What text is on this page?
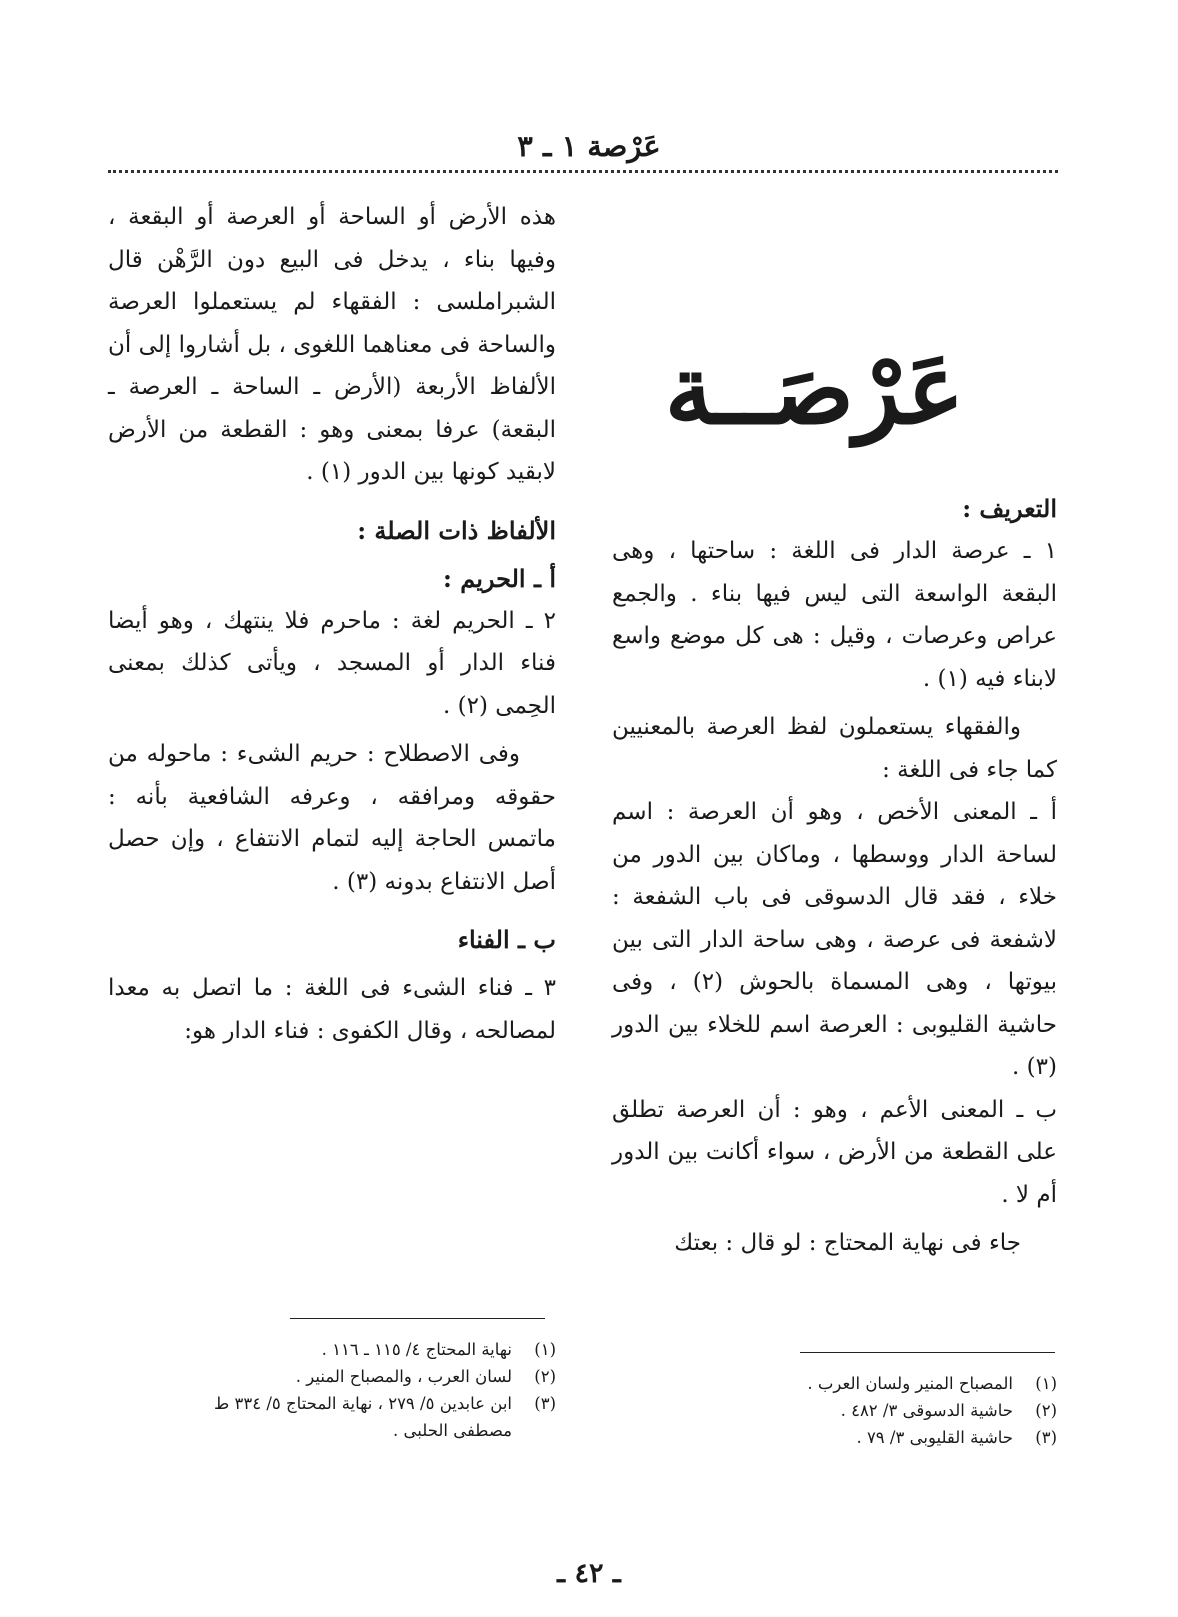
عَرْصة ١ ـ ٣
عَرْصَــة

التعريف :

١ ـ عرصة الدار فى اللغة : ساحتها ، وهى البقعة الواسعة التى ليس فيها بناء . والجمع عراص وعرصات ، وقيل : هى كل موضع واسع لابناء فيه (١) .

والفقهاء يستعملون لفظ العرصة بالمعنيين كما جاء فى اللغة :

أ ـ المعنى الأخص ، وهو أن العرصة : اسم لساحة الدار ووسطها ، وماكان بين الدور من خلاء ، فقد قال الدسوقى فى باب الشفعة : لاشفعة فى عرصة ، وهى ساحة الدار التى بين بيوتها ، وهى المسماة بالحوش (٢) ، وفى حاشية القليوبى : العرصة اسم للخلاء بين الدور (٣) .

ب ـ المعنى الأعم ، وهو : أن العرصة تطلق على القطعة من الأرض ، سواء أكانت بين الدور أم لا .

جاء فى نهاية المحتاج : لو قال : بعتك

هذه الأرض أو الساحة أو العرصة أو البقعة ، وفيها بناء ، يدخل فى البيع دون الرَّهْن قال الشبراملسى : الفقهاء لم يستعملوا العرصة والساحة فى معناهما اللغوى ، بل أشاروا إلى أن الألفاظ الأربعة (الأرض ـ الساحة ـ العرصة ـ البقعة) عرفا بمعنى وهو : القطعة من الأرض لابقيد كونها بين الدور (١) .

الألفاظ ذات الصلة :

أ ـ الحريم :

٢ ـ الحريم لغة : ماحرم فلا ينتهك ، وهو أيضا فناء الدار أو المسجد ، ويأتى كذلك بمعنى الحِمى (٢) .

وفى الاصطلاح : حريم الشىء : ماحوله من حقوقه ومرافقه ، وعرفه الشافعية بأنه : ماتمس الحاجة إليه لتمام الانتفاع ، وإن حصل أصل الانتفاع بدونه (٣) .

ب ـ الفناء

٣ ـ فناء الشىء فى اللغة : ما اتصل به معدا لمصالحه ، وقال الكفوى : فناء الدار هو:

(١)المصباح المنير ولسان العرب .

(٢)حاشية الدسوقى ٣/ ٤٨٢ .

(٣)حاشية القليوبى ٣/ ٧٩ .

(١)نهاية المحتاج ٤/ ١١٥ ـ ١١٦ .

(٢)لسان العرب ، والمصباح المنير .

(٣)ابن عابدين ٥/ ٢٧٩ ، نهاية المحتاج ٥/ ٣٣٤ ط

مصطفى الحلبى .

ـ ٤٢ ـ
